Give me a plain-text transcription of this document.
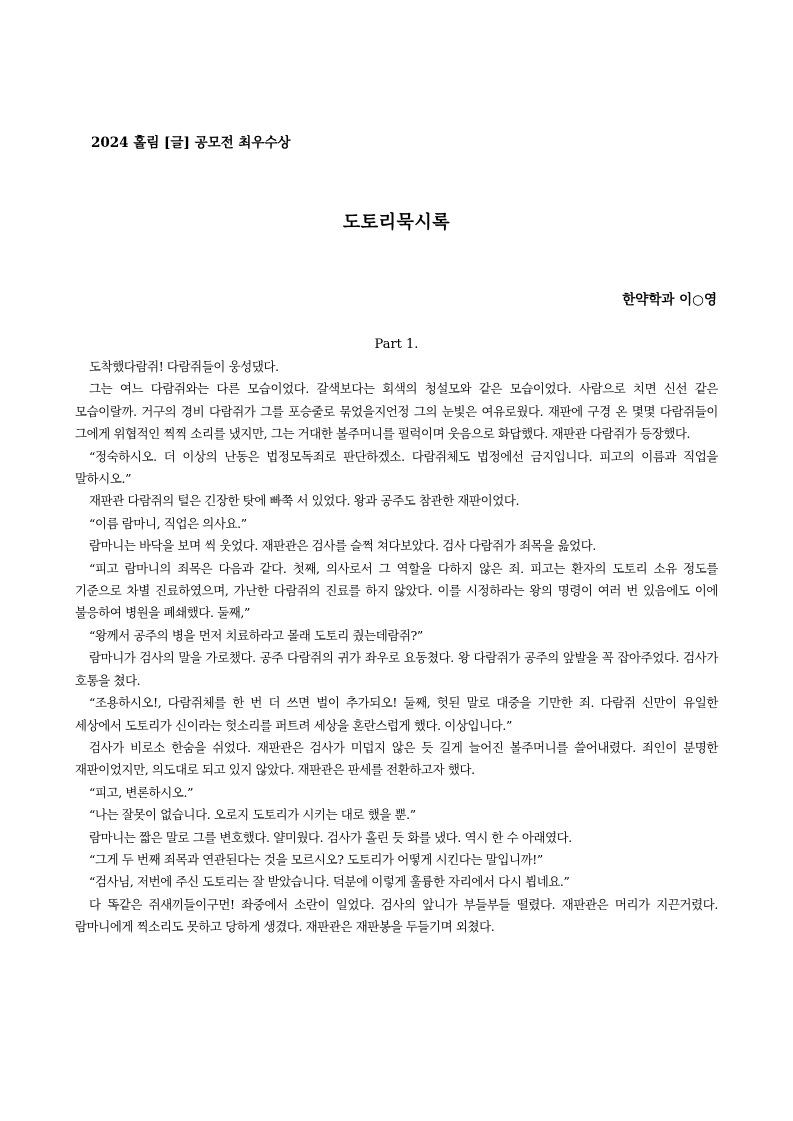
2024 홀림 [글] 공모전 최우수상
도토리묵시록
한약학과 이○영
Part 1.

도착했다람쥐! 다람쥐들이 웅성댔다.

그는 여느 다람쥐와는 다른 모습이었다. 갈색보다는 회색의 청설모와 같은 모습이었다. 사람으로 치면 신선 같은 모습이랄까. 거구의 경비 다람쥐가 그를 포승줄로 묶었을지언정 그의 눈빛은 여유로웠다. 재판에 구경 온 몇몇 다람쥐들이 그에게 위협적인 찍찍 소리를 냈지만, 그는 거대한 볼주머니를 펄럭이며 웃음으로 화답했다. 재판관 다람쥐가 등장했다.

“정숙하시오. 더 이상의 난동은 법정모독죄로 판단하겠소. 다람쥐체도 법정에선 금지입니다. 피고의 이름과 직업을 말하시오.”

재판관 다람쥐의 털은 긴장한 탓에 빠쭉 서 있었다. 왕과 공주도 참관한 재판이었다.

“이름 람마니, 직업은 의사요.”

람마니는 바닥을 보며 씩 웃었다. 재판관은 검사를 슬쩍 쳐다보았다. 검사 다람쥐가 죄목을 읊었다.

“피고 람마니의 죄목은 다음과 같다. 첫째, 의사로서 그 역할을 다하지 않은 죄. 피고는 환자의 도토리 소유 정도를 기준으로 차별 진료하였으며, 가난한 다람쥐의 진료를 하지 않았다. 이를 시정하라는 왕의 명령이 여러 번 있음에도 이에 불응하여 병원을 폐쇄했다. 둘째,”

“왕께서 공주의 병을 먼저 치료하라고 몰래 도토리 줬는데람쥐?”

람마니가 검사의 말을 가로챘다. 공주 다람쥐의 귀가 좌우로 요동쳤다. 왕 다람쥐가 공주의 앞발을 꼭 잡아주었다. 검사가 호통을 쳤다.

“조용하시오!, 다람쥐체를 한 번 더 쓰면 벌이 추가되오! 둘째, 헛된 말로 대중을 기만한 죄. 다람쥐 신만이 유일한 세상에서 도토리가 신이라는 헛소리를 퍼트려 세상을 혼란스럽게 했다. 이상입니다.”

검사가 비로소 한숨을 쉬었다. 재판관은 검사가 미덥지 않은 듯 길게 늘어진 볼주머니를 쓸어내렸다. 죄인이 분명한 재판이었지만, 의도대로 되고 있지 않았다. 재판관은 판세를 전환하고자 했다.

“피고, 변론하시오.”

“나는 잘못이 없습니다. 오로지 도토리가 시키는 대로 했을 뿐.”

람마니는 짧은 말로 그를 변호했다. 얄미웠다. 검사가 홀린 듯 화를 냈다. 역시 한 수 아래였다.

“그게 두 번째 죄목과 연관된다는 것을 모르시오? 도토리가 어떻게 시킨다는 말입니까!”

“검사님, 저번에 주신 도토리는 잘 받았습니다. 덕분에 이렇게 훌륭한 자리에서 다시 뵙네요.”

다 똑같은 쥐새끼들이구먼! 좌중에서 소란이 일었다. 검사의 앞니가 부들부들 떨렸다. 재판관은 머리가 지끈거렸다. 람마니에게 찍소리도 못하고 당하게 생겼다. 재판관은 재판봉을 두들기며 외쳤다.
